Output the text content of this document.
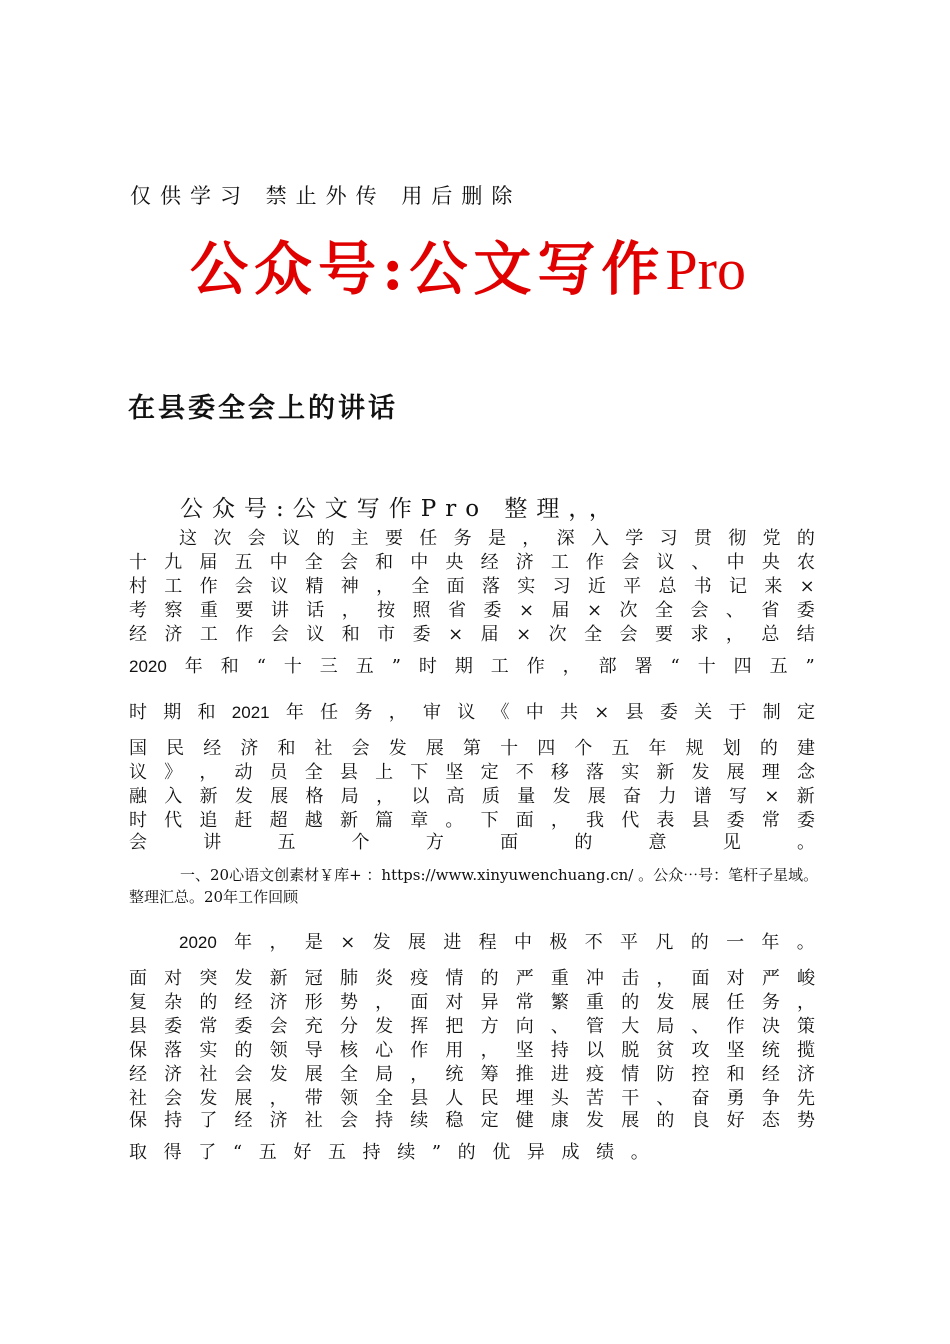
仅供学习 禁止外传 用后删除
公众号:公文写作Pro
在县委全会上的讲话
公众号:公文写作Pro 整理，，
这 次 会 议 的 主 要 任 务 是 ， 深 入 学 习 贯 彻 党 的
十 九 届 五 中 全 会 和 中 央 经 济 工 作 会 议 、 中 央 农
村 工 作 会 议 精 神 ， 全 面 落 实 习 近 平 总 书 记 来 ×
考 察 重 要 讲 话 ， 按 照 省 委 × 届 × 次 全 会 、 省 委
经 济 工 作 会 议 和 市 委 × 届 × 次 全 会 要 求 ， 总 结
2020 年 和 “ 十 三 五 ” 时 期 工 作 ， 部 署 “ 十 四 五 ”
时 期 和 2021 年 任 务 ， 审 议 《 中 共 × 县 委 关 于 制 定
国 民 经 济 和 社 会 发 展 第 十 四 个 五 年 规 划 的 建
议 》 ， 动 员 全 县 上 下 坚 定 不 移 落 实 新 发 展 理 念
融 入 新 发 展 格 局 ， 以 高 质 量 发 展 奋 力 谱 写 × 新
时 代 追 赶 超 越 新 篇 章 。 下 面 ， 我 代 表 县 委 常 委
会	讲	五	个	方	面	的	意	见	。
2020 年 ， 是 × 发 展 进 程 中 极 不 平 凡 的 一 年 。
面 对 突 发 新 冠 肺 炎 疫 情 的 严 重 冲 击 ， 面 对 严 峻
复 杂 的 经 济 形 势 ， 面 对 异 常 繁 重 的 发 展 任 务 ，
县 委 常 委 会 充 分 发 挥 把 方 向 、 管 大 局 、 作 决 策
保 落 实 的 领 导 核 心 作 用 ， 坚 持 以 脱 贫 攻 坚 统 揽
经 济 社 会 发 展 全 局 ， 统 筹 推 进 疫 情 防 控 和 经 济
社 会 发 展 ， 带 领 全 县 人 民 埋 头 苦 干 、 奋 勇 争 先
保 持 了 经 济 社 会 持 续 稳 定 健 康 发 展 的 良 好 态 势
取 得 了 “ 五 好 五 持 续 ” 的 优 异 成 绩 。
一、20心语文创素材￥库+ ：https://www.xinyuwenchuang.cn/ 。公众⋯号：笔杆子星域。
整理汇总。20年工作回顾
